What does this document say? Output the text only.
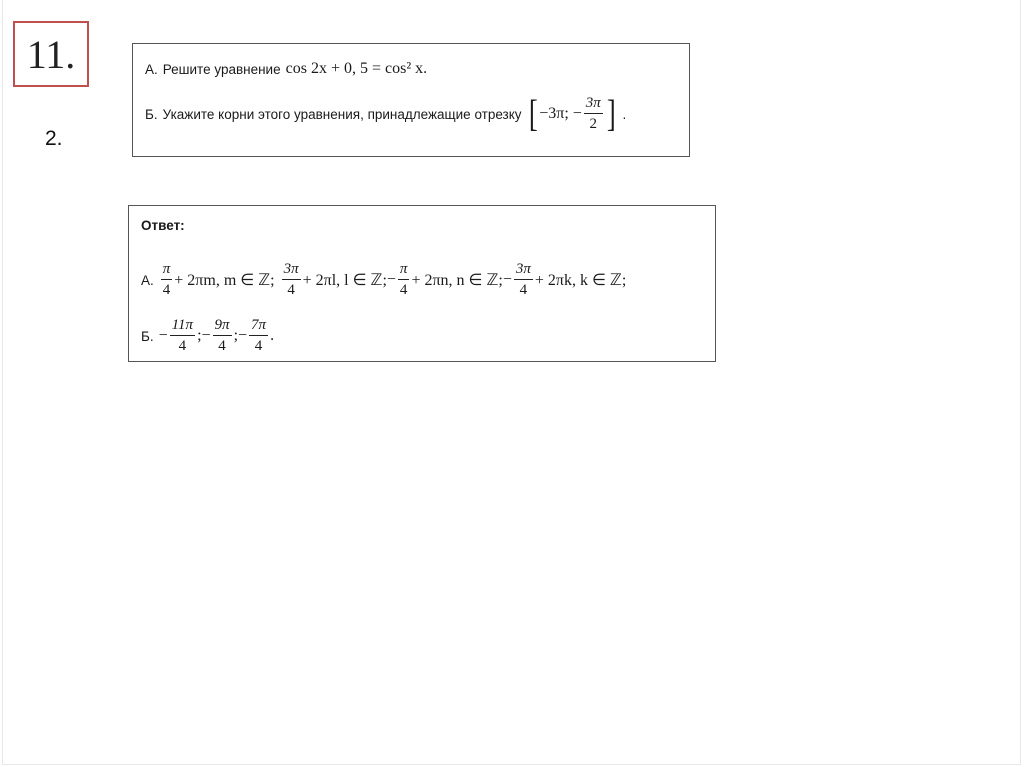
11.
2.
А. Решите уравнение cos 2x + 0, 5 = cos² x.
Б. Укажите корни этого уравнения, принадлежащие отрезку [ −3π; − $\frac{3\pi}{2}$ ] .
Ответ:
А. $\frac{\pi}{4} + 2\pi m$, m ∈ ℤ; $\frac{3\pi}{4} + 2\pi l$, l ∈ ℤ; − $\frac{\pi}{4} + 2\pi n$, n ∈ ℤ; − $\frac{3\pi}{4} + 2\pi k$, k ∈ ℤ;
Б. − $\frac{11\pi}{4}$ ; − $\frac{9\pi}{4}$ ; − $\frac{7\pi}{4}$ .
